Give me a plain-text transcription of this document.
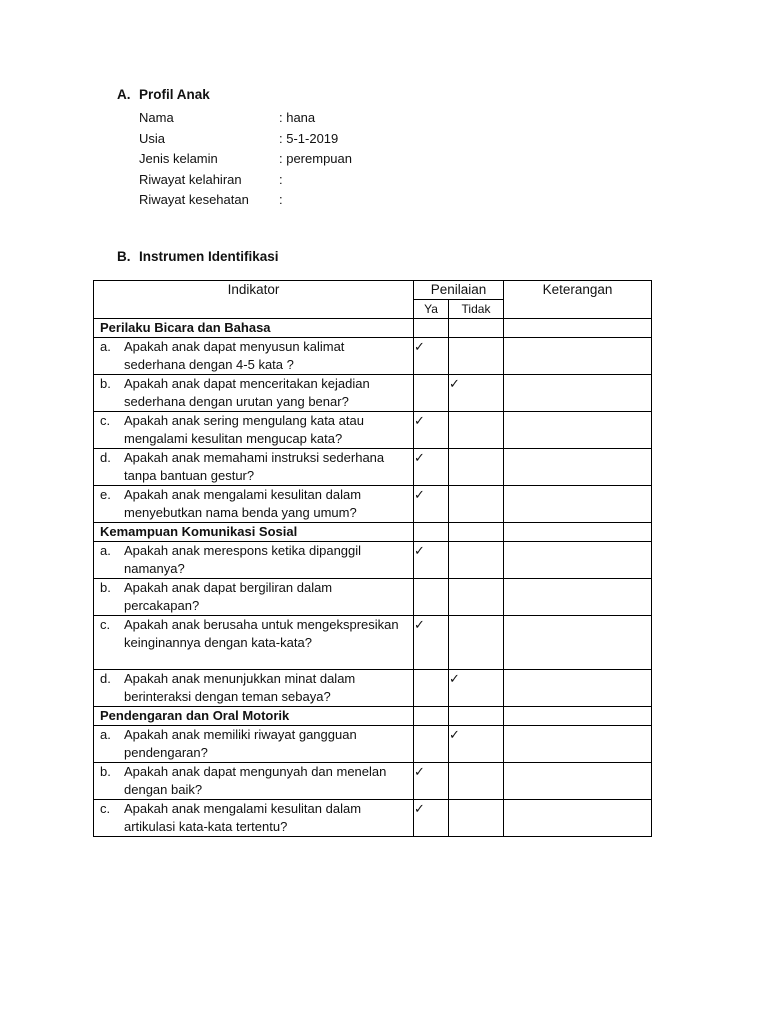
A. Profil Anak
Nama	: hana
Usia	: 5-1-2019
Jenis kelamin	: perempuan
Riwayat kelahiran	:
Riwayat kesehatan :
B. Instrumen Identifikasi
Indikator	Penilaian		Keterangan
	Ya	Tidak	
Perilaku Bicara dan Bahasa			

a. Apakah anak dapat menyusun kalimat sederhana dengan 4-5 kata ?	✓		

b. Apakah anak dapat menceritakan kejadian sederhana dengan urutan yang benar?		✓	

c. Apakah anak sering mengulang kata atau mengalami kesulitan mengucap kata?	✓		

d. Apakah anak memahami instruksi sederhana tanpa bantuan gestur?	✓		

e. Apakah anak mengalami kesulitan dalam menyebutkan nama benda yang umum?	✓		
Kemampuan Komunikasi Sosial			

a. Apakah anak merespons ketika dipanggil namanya?	✓		

b. Apakah anak dapat bergiliran dalam percakapan?			

c. Apakah anak berusaha untuk mengekspresikan keinginannya dengan kata-kata?	✓		

d. Apakah anak menunjukkan minat dalam berinteraksi dengan teman sebaya?		✓	
Pendengaran dan Oral Motorik			

a. Apakah anak memiliki riwayat gangguan pendengaran?		✓	

b. Apakah anak dapat mengunyah dan menelan dengan baik?	✓		

c. Apakah anak mengalami kesulitan dalam artikulasi kata-kata tertentu?	✓		
